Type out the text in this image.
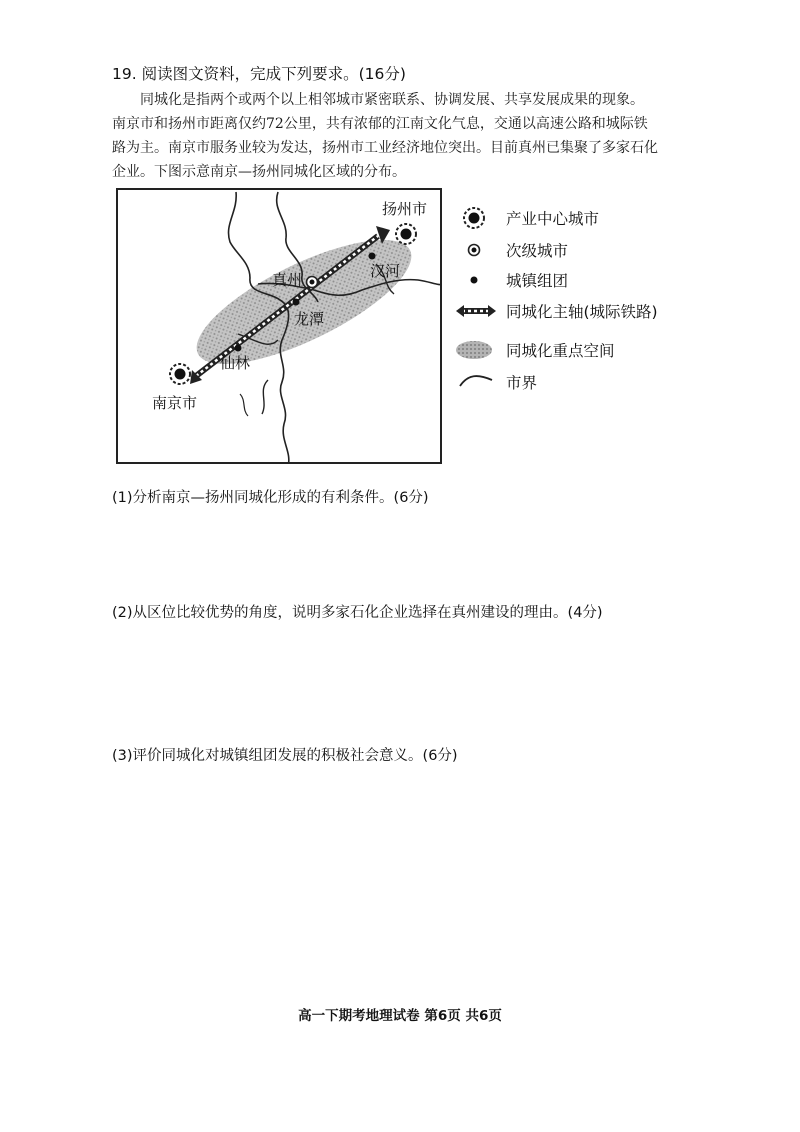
19. 阅读图文资料，完成下列要求。(16分)

同城化是指两个或两个以上相邻城市紧密联系、协调发展、共享发展成果的现象。

南京市和扬州市距离仅约72公里，共有浓郁的江南文化气息，交通以高速公路和城际铁
路为主。南京市服务业较为发达，扬州市工业经济地位突出。目前真州已集聚了多家石化
企业。下图示意南京—扬州同城化区域的分布。
扬州市
真州	汉河
龙潭
仙林
南京市
产业中心城市
次级城市
城镇组团
同城化主轴(城际铁路)
同城化重点空间
市界
(1)分析南京—扬州同城化形成的有利条件。(6分)
(2)从区位比较优势的角度，说明多家石化企业选择在真州建设的理由。(4分)
(3)评价同城化对城镇组团发展的积极社会意义。(6分)
高一下期考地理试卷 第6页 共6页
